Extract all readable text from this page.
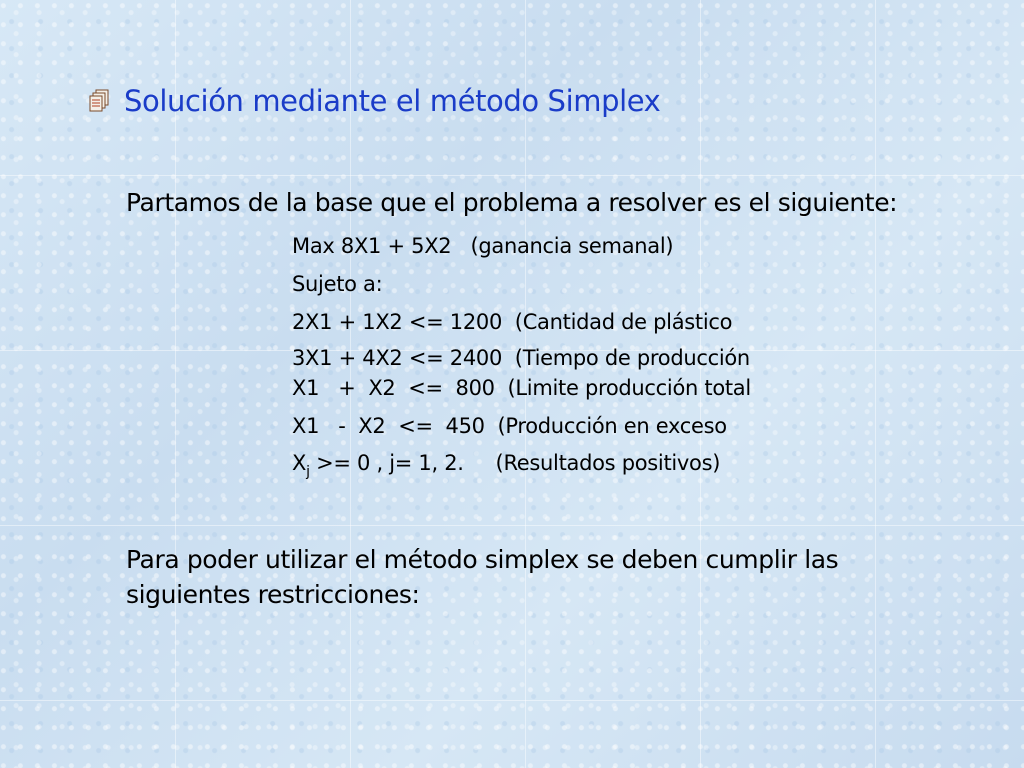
Solución mediante el método Simplex
Partamos de la base que el problema a resolver es el siguiente:
Max 8X1 + 5X2   (ganancia semanal)
Sujeto a:
2X1 + 1X2 <= 1200  (Cantidad de plástico
3X1 + 4X2 <= 2400  (Tiempo de producción
X1   +  X2  <=  800  (Limite producción total
X1   -  X2  <=  450  (Producción en exceso
$X_j >= 0$ , j= 1, 2.     (Resultados positivos)
Para poder utilizar el método simplex se deben cumplir las siguientes restricciones:
